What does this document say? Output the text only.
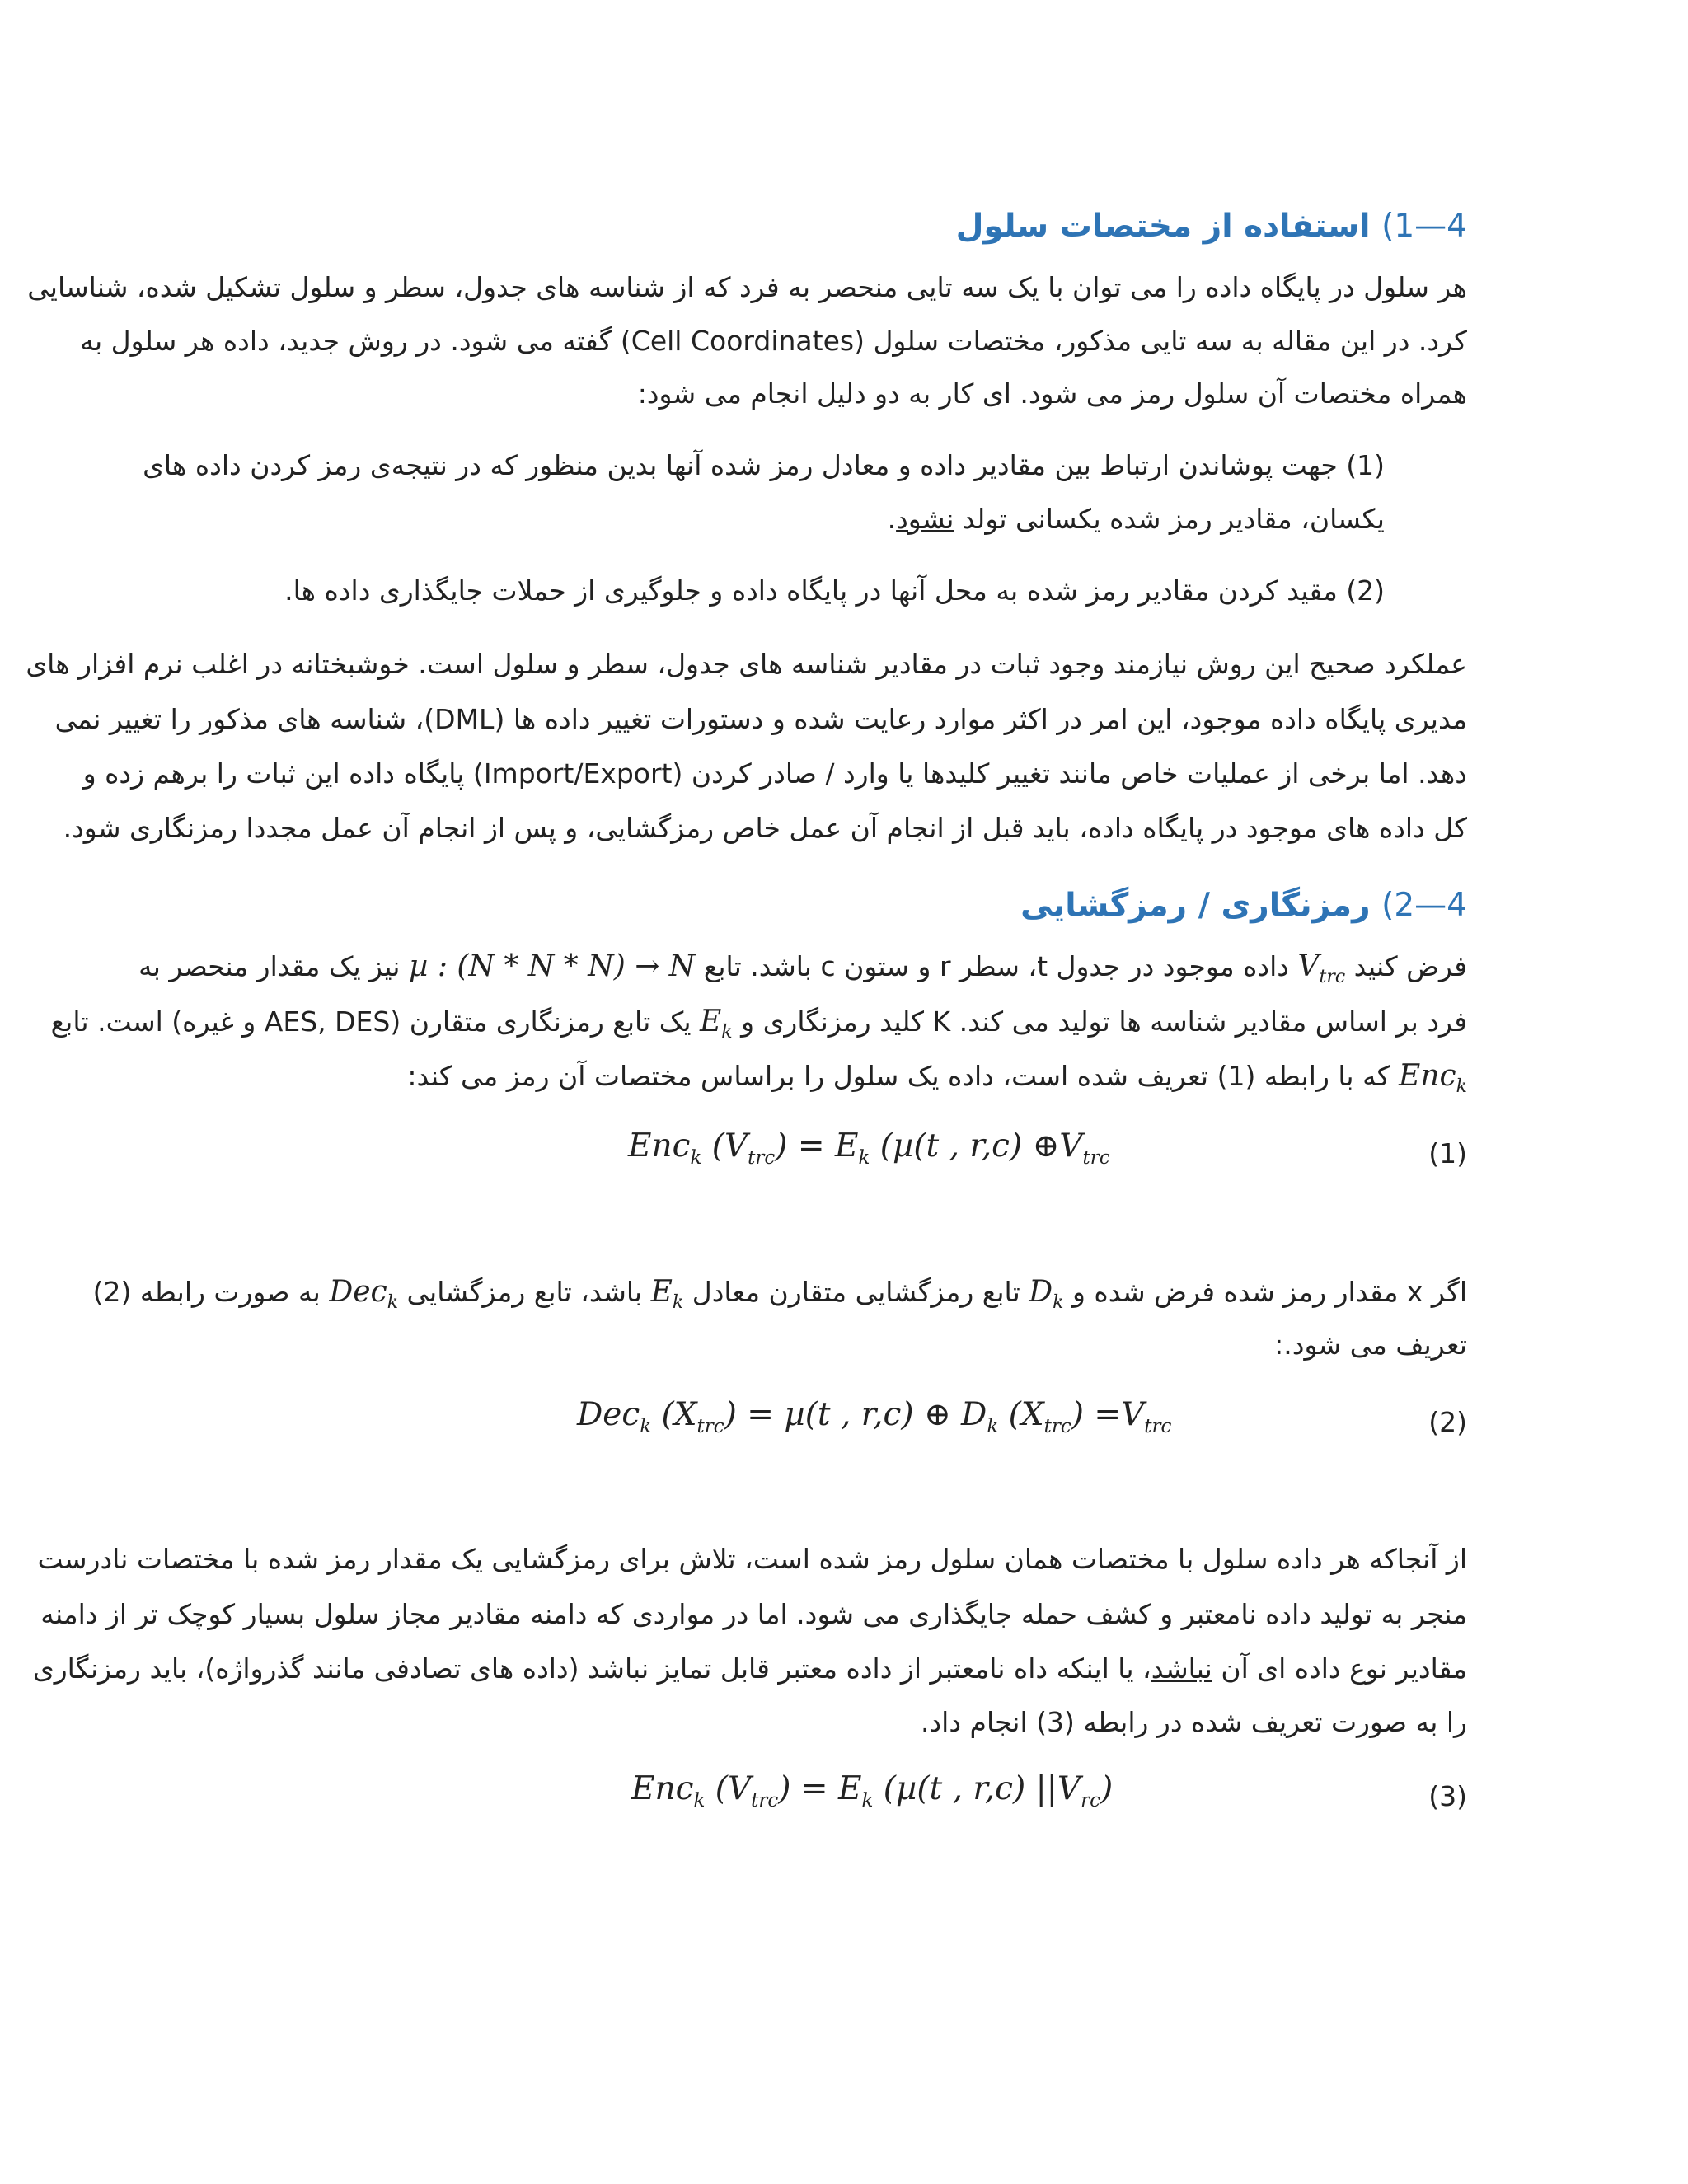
4—1) استفاده از مختصات سلول
هر سلول در پایگاه داده را می توان با یک سه تایی منحصر به فرد که از شناسه های جدول، سطر و سلول تشکیل شده، شناسایی
کرد. در این مقاله به سه تایی مذکور، مختصات سلول (Cell Coordinates) گفته می شود. در روش جدید، داده هر سلول به
همراه مختصات آن سلول رمز می شود. ای کار به دو دلیل انجام می شود:
(1) جهت پوشاندن ارتباط بین مقادیر داده و معادل رمز شده آنها بدین منظور که در نتیجه‌ی رمز کردن داده های
یکسان، مقادیر رمز شده یکسانی تولد نشود.
(2) مقید کردن مقادیر رمز شده به محل آنها در پایگاه داده و جلوگیری از حملات جایگذاری داده ها.
عملکرد صحیح این روش نیازمند وجود ثبات در مقادیر شناسه های جدول، سطر و سلول است. خوشبختانه در اغلب نرم افزار های
مدیری پایگاه داده موجود، این امر در اکثر موارد رعایت شده و دستورات تغییر داده ها (DML)، شناسه های مذکور را تغییر نمی
دهد. اما برخی از عملیات خاص مانند تغییر کلیدها یا وارد / صادر کردن (Import/Export) پایگاه داده این ثبات را برهم زده و
کل داده های موجود در پایگاه داده، باید قبل از انجام آن عمل خاص رمزگشایی، و پس از انجام آن عمل مجددا رمزنگاری شود.
4—2) رمزنگاری / رمزگشایی
فرض کنید $V_{trc}$ داده موجود در جدول t، سطر r و ستون c باشد. تابع µ : (N * N * N) → N نیز یک مقدار منحصر به
فرد بر اساس مقادیر شناسه ها تولید می کند. K کلید رمزنگاری و $E_k$ یک تابع رمزنگاری متقارن (AES, DES و غیره) است. تابع
Enc$_k$ که با رابطه (1) تعریف شده است، داده یک سلول را براساس مختصات آن رمز می کند:
Enc$_k$ $(V_{trc}) = E_k$ (µ(t , r,c) $\oplus V_{trc}$	(1)
اگر x مقدار رمز شده فرض شده و $D_k$ تابع رمزگشایی متقارن معادل $E_k$ باشد، تابع رمزگشایی Dec$_k$ به صورت رابطه (2)
تعریف می شود.:
Dec$_k$ $(X_{trc}) = \mu(t$ , r,c) ⊕ $D_k$ $(X_{trc}) =V_{trc}$	(2)
از آنجاکه هر داده سلول با مختصات همان سلول رمز شده است، تلاش برای رمزگشایی یک مقدار رمز شده با مختصات نادرست
منجر به تولید داده نامعتبر و کشف حمله جایگذاری می شود. اما در مواردی که دامنه مقادیر مجاز سلول بسیار کوچک تر از دامنه
مقادیر نوع داده ای آن نباشد، یا اینکه داه نامعتبر از داده معتبر قابل تمایز نباشد (داده های تصادفی مانند گذرواژه)، باید رمزنگاری
را به صورت تعریف شده در رابطه (3) انجام داد.
Enc$_k$ $(V_{trc}) = E_k$ (µ(t , r,c) $||V_{rc}$)	(3)
